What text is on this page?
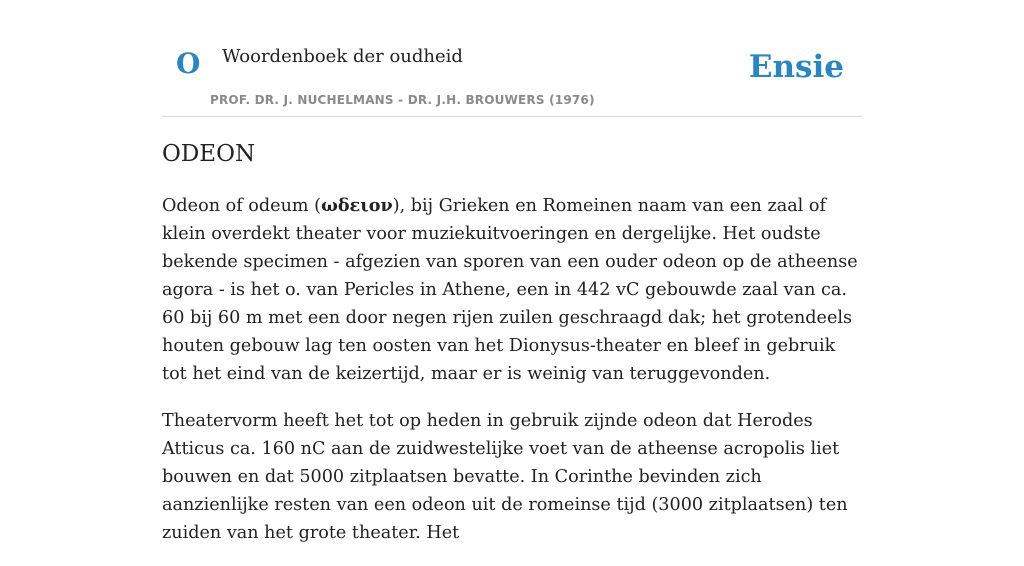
O Woordenboek der oudheid
PROF. DR. J. NUCHELMANS - DR. J.H. BROUWERS (1976)
Ensie
ODEON

Odeon of odeum (ωδειον), bij Grieken en Romeinen naam van een zaal of klein overdekt theater voor muziekuitvoeringen en dergelijke. Het oudste bekende specimen - afgezien van sporen van een ouder odeon op de atheense agora - is het o. van Pericles in Athene, een in 442 vC gebouwde zaal van ca. 60 bij 60 m met een door negen rijen zuilen geschraagd dak; het grotendeels houten gebouw lag ten oosten van het Dionysus-theater en bleef in gebruik tot het eind van de keizertijd, maar er is weinig van teruggevonden.

Theatervorm heeft het tot op heden in gebruik zijnde odeon dat Herodes Atticus ca. 160 nC aan de zuidwestelijke voet van de atheense acropolis liet bouwen en dat 5000 zitplaatsen bevatte. In Corinthe bevinden zich aanzienlijke resten van een odeon uit de romeinse tijd (3000 zitplaatsen) ten zuiden van het grote theater. Het
